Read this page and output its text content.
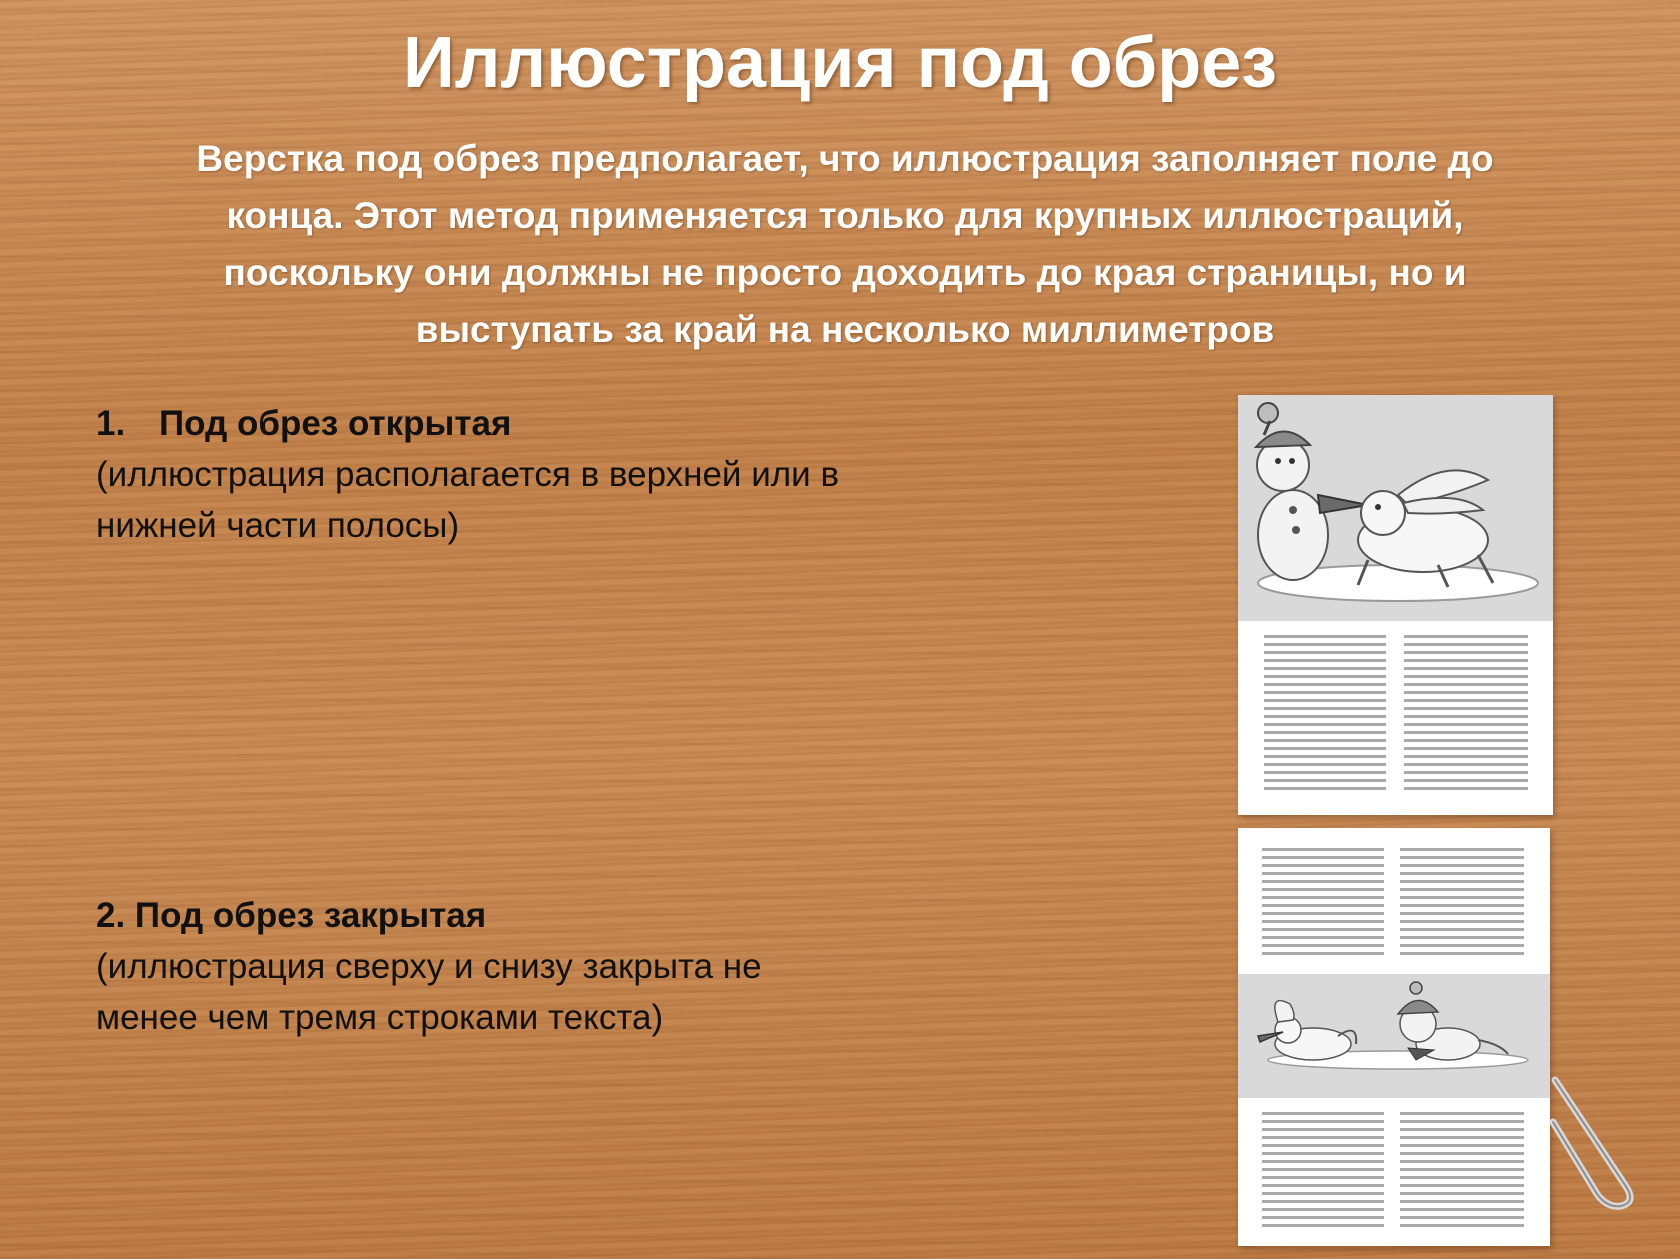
Иллюстрация под обрез
Верстка под обрез предполагает, что иллюстрация заполняет поле до конца. Этот метод применяется только для крупных иллюстраций, поскольку они должны не просто доходить до края страницы, но и выступать за край на несколько миллиметров
1. Под обрез открытая
(иллюстрация располагается в верхней или в нижней части полосы)
2. Под обрез закрытая
(иллюстрация сверху и снизу закрыта не менее чем тремя строками текста)
